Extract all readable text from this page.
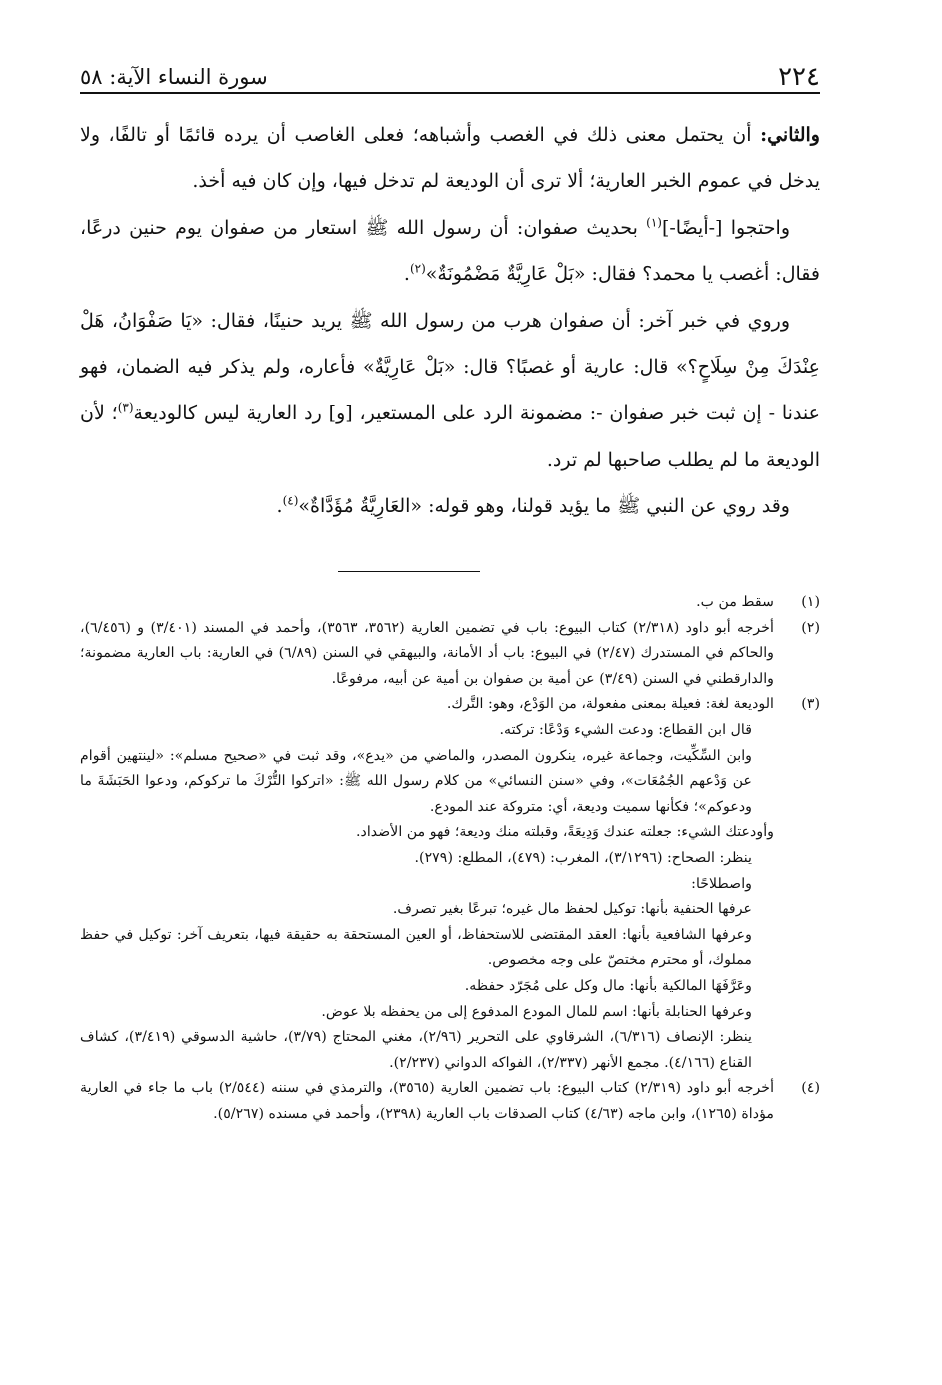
٢٢٤
سورة النساء الآية: ٥٨

والثاني: أن يحتمل معنى ذلك في الغصب وأشباهه؛ فعلى الغاصب أن يرده قائمًا أو تالفًا، ولا يدخل في عموم الخبر العارية؛ ألا ترى أن الوديعة لم تدخل فيها، وإن كان فيه أخذ.

واحتجوا [-أيضًا-]$^{(١)}$ بحديث صفوان: أن رسول الله ﷺ استعار من صفوان يوم حنين درعًا، فقال: أغصب يا محمد؟ فقال: «بَلْ عَارِيَّةٌ مَضْمُونَةٌ»$^{(٢)}$.

وروي في خبر آخر: أن صفوان هرب من رسول الله ﷺ يريد حنينًا، فقال: «يَا صَفْوَانُ، هَلْ عِنْدَكَ مِنْ سِلَاحٍ؟» قال: عارية أو غصبًا؟ قال: «بَلْ عَارِيَّةٌ» فأعاره، ولم يذكر فيه الضمان، فهو عندنا - إن ثبت خبر صفوان -: مضمونة الرد على المستعير، [و] رد العارية ليس كالوديعة$^{(٣)}$؛ لأن الوديعة ما لم يطلب صاحبها لم ترد.

وقد روي عن النبي ﷺ ما يؤيد قولنا، وهو قوله: «العَارِيَّةُ مُؤَدَّاةٌ»$^{(٤)}$.

(١)

سقط من ب.

(٢)

أخرجه أبو داود (٢/٣١٨) كتاب البيوع: باب في تضمين العارية (٣٥٦٢، ٣٥٦٣)، وأحمد في المسند (٣/٤٠١) و (٦/٤٥٦)، والحاكم في المستدرك (٢/٤٧) في البيوع: باب أد الأمانة، والبيهقي في السنن (٦/٨٩) في العارية: باب العارية مضمونة؛ والدارقطني في السنن (٣/٤٩) عن أمية بن صفوان بن أمية عن أبيه، مرفوعًا.

(٣)

الوديعة لغة: فعيلة بمعنى مفعولة، من الوَدْع، وهو: التَّرك.

قال ابن القطاع: ودعت الشيء وَدْعًا: تركته.

وابن السِّكِّيت، وجماعة غيره، ينكرون المصدر، والماضي من «يدع»، وقد ثبت في «صحيح مسلم»: «لينتهين أقوام عن وَدْعهم الجُمُعَات»، وفي «سنن النسائي» من كلام رسول الله ﷺ: «اتركوا التُّرْكَ ما تركوكم، ودعوا الحَبَشَةَ ما ودعوكم»؛ فكأنها سميت وديعة، أي: متروكة عند المودع.

وأودعتك الشيء: جعلته عندك وَدِيعَةً، وقبلته منك وديعة؛ فهو من الأضداد.

ينظر: الصحاح: (٣/١٢٩٦)، المغرب: (٤٧٩)، المطلع: (٢٧٩).

واصطلاحًا:

عرفها الحنفية بأنها: توكيل لحفظ مال غيره؛ تبرعًا بغير تصرف.

وعرفها الشافعية بأنها: العقد المقتضى للاستحفاظ، أو العين المستحقة به حقيقة فيها، بتعريف آخر: توكيل في حفظ مملوك، أو محترم مختصّ على وجه مخصوص.

وعَرَّفَهَا المالكية بأنها: مال وكل على مُجَرّد حفظه.

وعرفها الحنابلة بأنها: اسم للمال المودع المدفوع إلى من يحفظه بلا عوض.

ينظر: الإنصاف (٦/٣١٦)، الشرقاوي على التحرير (٢/٩٦)، مغني المحتاج (٣/٧٩)، حاشية الدسوقي (٣/٤١٩)، كشاف القناع (٤/١٦٦). مجمع الأنهر (٢/٣٣٧)، الفواكه الدواني (٢/٢٣٧).

(٤)

أخرجه أبو داود (٢/٣١٩) كتاب البيوع: باب تضمين العارية (٣٥٦٥)، والترمذي في سننه (٢/٥٤٤) باب ما جاء في العارية مؤداة (١٢٦٥)، وابن ماجه (٤/٦٣) كتاب الصدقات باب العارية (٢٣٩٨)، وأحمد في مسنده (٥/٢٦٧).
